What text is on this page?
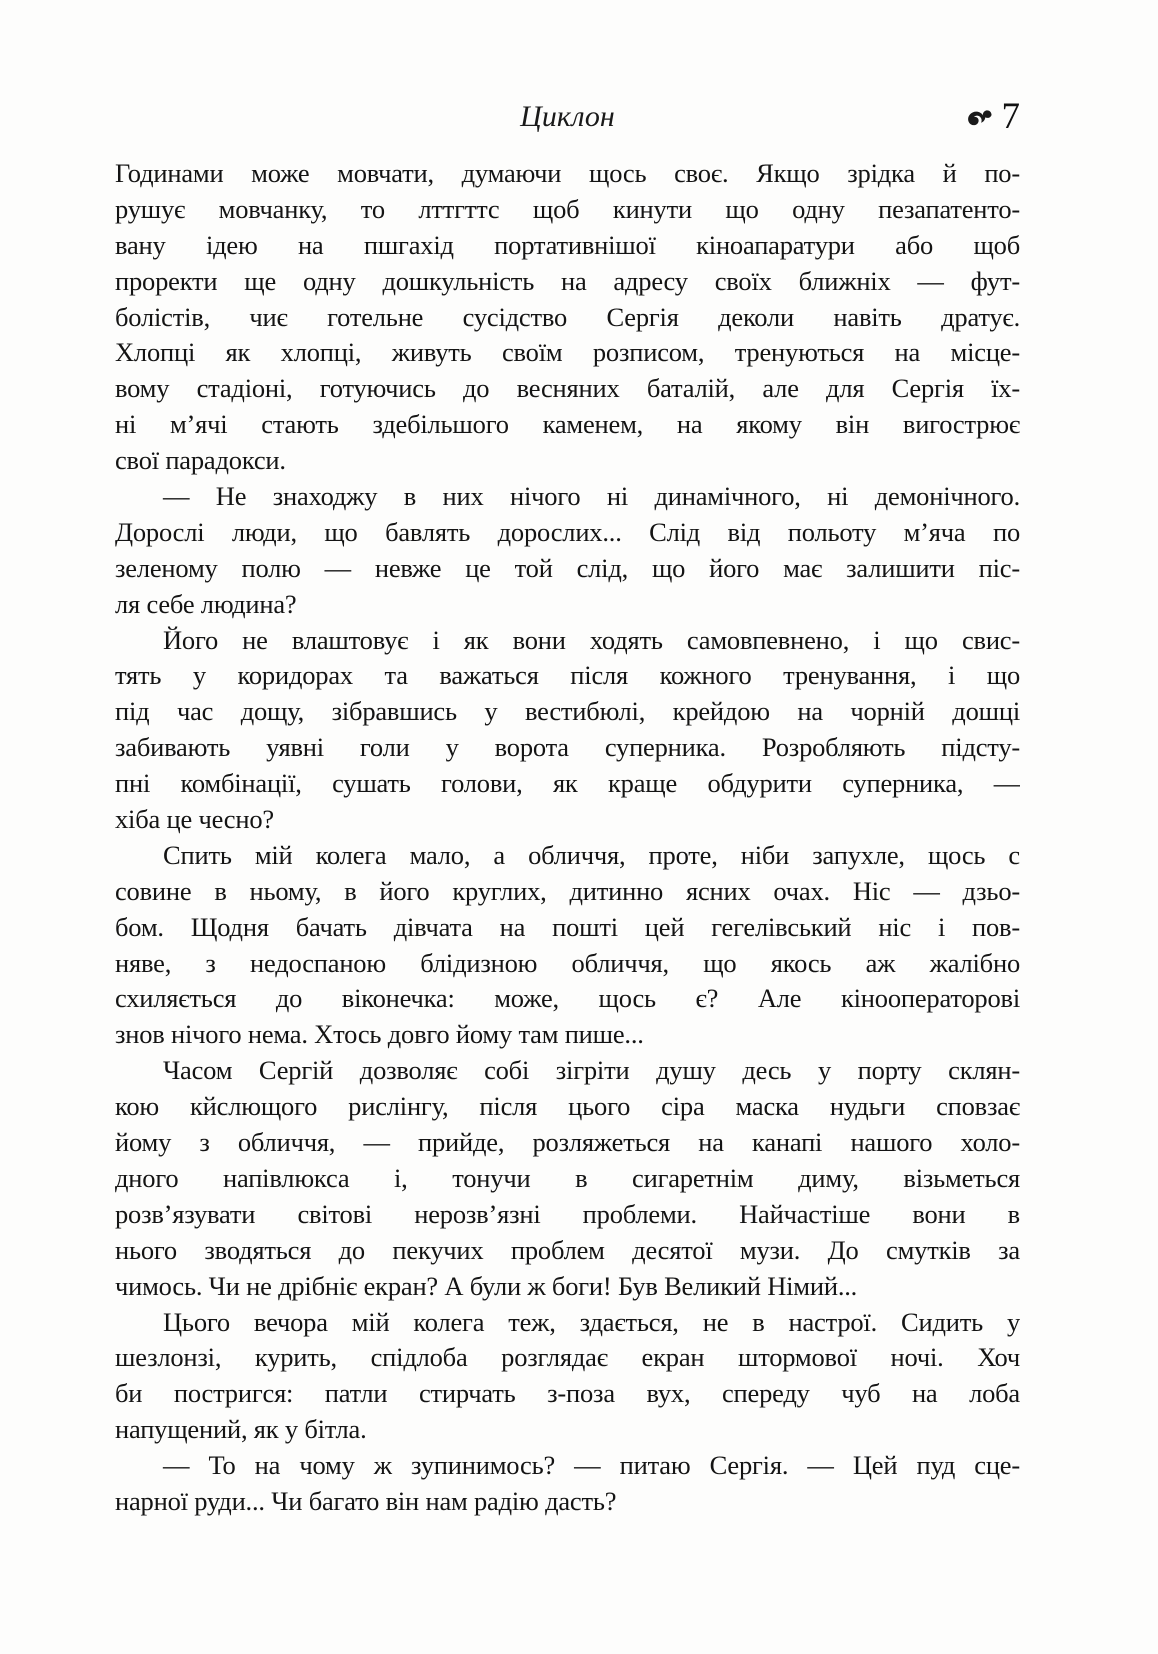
Циклон	7
Годинами може мовчати, думаючи щось своє. Якщо зрідка й по-
рушує мовчанку, то лттгттс щоб кинути що одну пезапатенто-
вану ідею на пшгахід портативнішої кіноапаратури або щоб
проректи ще одну дошкульність на адресу своїх ближніх — фут-
болістів, чиє готельне сусідство Сергія деколи навіть дратує.
Хлопці як хлопці, живуть своїм розписом, тренуються на місце-
вому стадіоні, готуючись до весняних баталій, але для Сергія їх-
ні м’ячі стають здебільшого каменем, на якому він вигострює
свої парадокси.
— Не знаходжу в них нічого ні динамічного, ні демонічного.
Дорослі люди, що бавлять дорослих... Слід від польоту м’яча по
зеленому полю — невже це той слід, що його має залишити піс-
ля себе людина?
Його не влаштовує і як вони ходять самовпевнено, і що свис-
тять у коридорах та важаться після кожного тренування, і що
під час дощу, зібравшись у вестибюлі, крейдою на чорній дошці
забивають уявні голи у ворота суперника. Розробляють підсту-
пні комбінації, сушать голови, як краще обдурити суперника, —
хіба це чесно?
Спить мій колега мало, а обличчя, проте, ніби запухле, щось с
совине в ньому, в його круглих, дитинно ясних очах. Ніс — дзьо-
бом. Щодня бачать дівчата на пошті цей гегелівський ніс і пов-
няве, з недоспаною блідизною обличчя, що якось аж жалібно
схиляється до віконечка: може, щось є? Але кінооператорові
знов нічого нема. Хтось довго йому там пише...
Часом Сергій дозволяє собі зігріти душу десь у порту склян-
кою кйслющого рислінгу, після цього сіра маска нудьги сповзає
йому з обличчя, — прийде, розляжеться на канапі нашого холо-
дного напівлюкса і, тонучи в сигаретнім диму, візьметься
розв’язувати світові нерозв’язні проблеми. Найчастіше вони в
нього зводяться до пекучих проблем десятої музи. До смутків за
чимось. Чи не дрібніє екран? А були ж боги! Був Великий Німий...
Цього вечора мій колега теж, здається, не в настрої. Сидить у
шезлонзі, курить, спідлоба розглядає екран штормової ночі. Хоч
би постригся: патли стирчать з-поза вух, спереду чуб на лоба
напущений, як у бітла.
— То на чому ж зупинимось? — питаю Сергія. — Цей пуд сце-
нарної руди... Чи багато він нам радію дасть?
